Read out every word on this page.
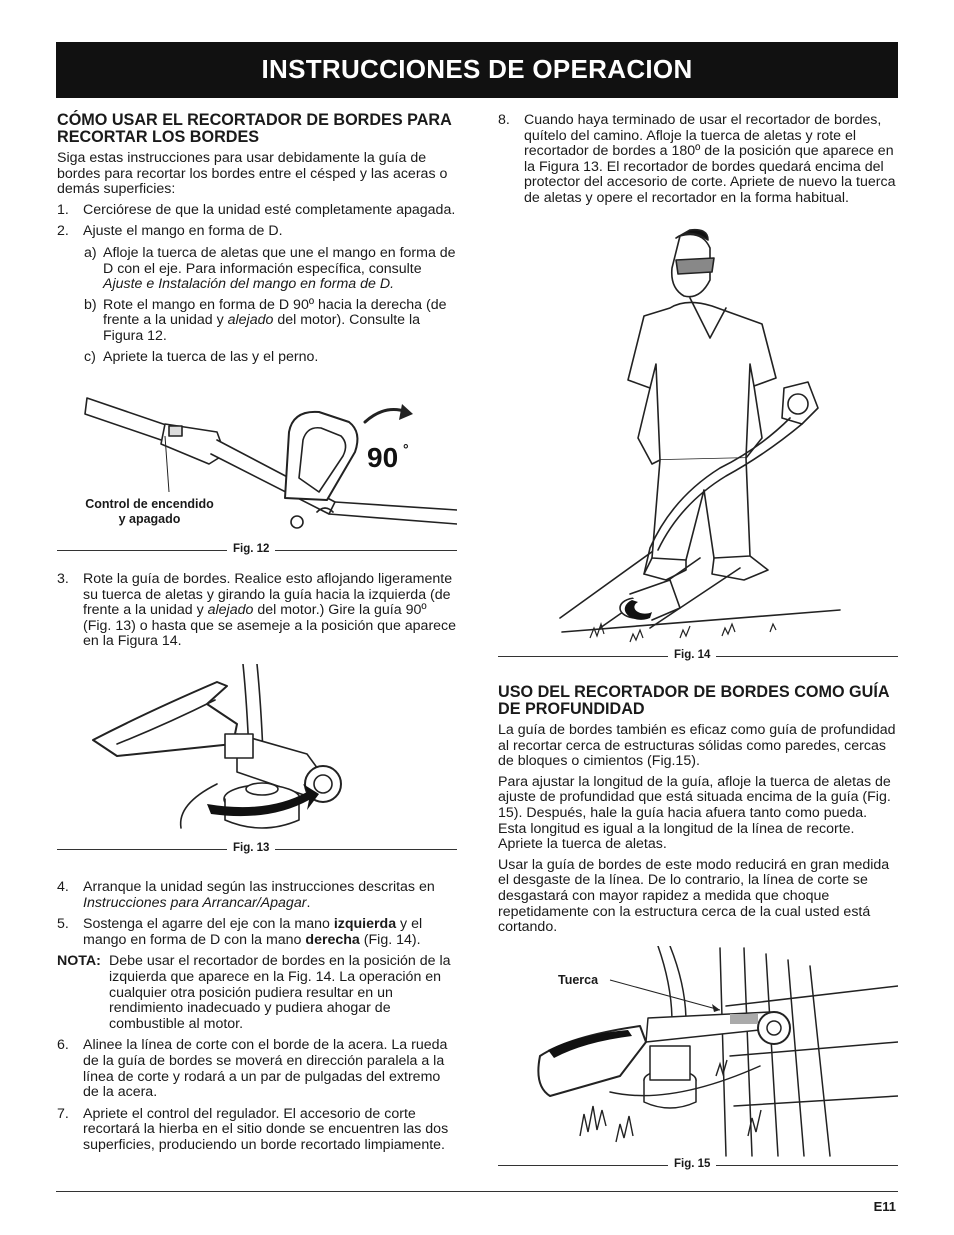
INSTRUCCIONES DE OPERACION
CÓMO USAR EL RECORTADOR DE BORDES PARA RECORTAR LOS BORDES

Siga estas instrucciones para usar debidamente la guía de bordes para recortar los bordes entre el césped y las aceras o demás superficies:

1. Cerciórese de que la unidad esté completamente apagada.
2. Ajuste el mango en forma de D.
a) Afloje la tuerca de aletas que une el mango en forma de D con el eje. Para información específica, consulte Ajuste e Instalación del mango en forma de D.
b) Rote el mango en forma de D 90º hacia la derecha (de frente a la unidad y alejado del motor). Consulte la Figura 12.
c) Apriete la tuerca de las y el perno.
90 °
Control de encendido
y apagado
Fig. 12
3. Rote la guía de bordes. Realice esto aflojando ligeramente su tuerca de aletas y girando la guía hacia la izquierda (de frente a la unidad y alejado del motor.) Gire la guía 90º (Fig. 13) o hasta que se asemeje a la posición que aparece en la Figura 14.
Fig. 13
4. Arranque la unidad según las instrucciones descritas en Instrucciones para Arrancar/Apagar.
5. Sostenga el agarre del eje con la mano izquierda y el mango en forma de D con la mano derecha (Fig. 14).
NOTA: Debe usar el recortador de bordes en la posición de la izquierda que aparece en la Fig. 14. La operación en cualquier otra posición pudiera resultar en un rendimiento inadecuado y pudiera ahogar de combustible al motor.
6. Alinee la línea de corte con el borde de la acera. La rueda de la guía de bordes se moverá en dirección paralela a la línea de corte y rodará a un par de pulgadas del extremo de la acera.
7. Apriete el control del regulador. El accesorio de corte recortará la hierba en el sitio donde se encuentren las dos superficies, produciendo un borde recortado limpiamente.
8. Cuando haya terminado de usar el recortador de bordes, quítelo del camino. Afloje la tuerca de aletas y rote el recortador de bordes a 180º de la posición que aparece en la Figura 13. El recortador de bordes quedará encima del protector del accesorio de corte. Apriete de nuevo la tuerca de aletas y opere el recortador en la forma habitual.
Fig. 14
USO DEL RECORTADOR DE BORDES COMO GUÍA DE PROFUNDIDAD

La guía de bordes también es eficaz como guía de profundidad al recortar cerca de estructuras sólidas como paredes, cercas de bloques o cimientos (Fig.15).

Para ajustar la longitud de la guía, afloje la tuerca de aletas de ajuste de profundidad que está situada encima de la guía (Fig. 15). Después, hale la guía hacia afuera tanto como pueda. Esta longitud es igual a la longitud de la línea de recorte. Apriete la tuerca de aletas.

Usar la guía de bordes de este modo reducirá en gran medida el desgaste de la línea. De lo contrario, la línea de corte se desgastará con mayor rapidez a medida que choque repetidamente con la estructura cerca de la cual usted está cortando.

Tuerca
Fig. 15
E11
